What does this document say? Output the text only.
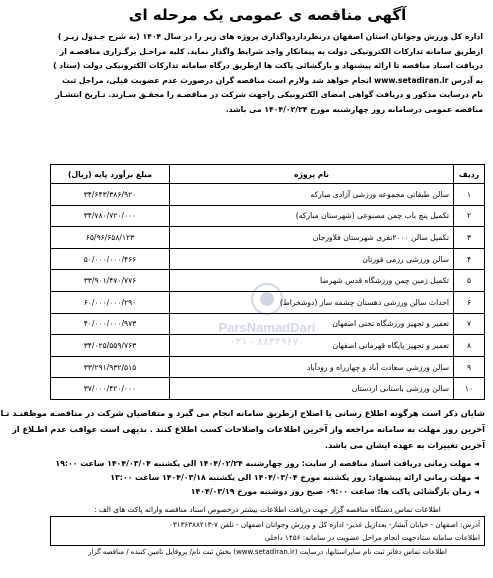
آگهی مناقصه ی عمومی یک مرحله ای
اداره کل ورزش وجوانان استان اصفهان درنظرداردواگذاری پروژه های زیر را در سال ۱۴۰۴ (به شرح جـدول زیـر )
ازطریق سامانه تدارکات الکترونیکی دولت به پیمانکار واجد شرایط واگذار نماید. کلیه مراحـل برگـزاری مناقصـه از
دریافت اسناد مناقصه تا ارائه پیشنهاد و بازگشائی پاکت ها ازطریق درگاه سامانه تدارکات الکترونیکی دولت (ستاد )
به آدرس www.setadiran.ir انجام خواهد شد ولازم است مناقصه گران درصورت عدم عضویت قبلی، مراحل ثبت
نام درسایت مذکور و دریافت گواهی امضای الکترونیکی راجهت شرکت در مناقصـه را محقـق سـازند. تـاریخ انتشـار
مناقصه عمومی درسامانه روز چهارشنبه مورخ ۱۴۰۴/۰۲/۲۴ می باشد.
ردیف	نام پروژه	مبلغ برآورد پایه (ریال)
۱	سالن طبقاتی مجموعه ورزشی آزادی مبارکه	۳۴/۶۴۳/۳۸۶/۹۲۰
۲	تکمیل پنچ باب چمن مصنوعی (شهرستان مبارکه)	۳۴/۷۸۰/۷۲۰/۰۰۰
۳	تکمیل سالن ۲۰۰۰نفری شهرستان فلاورجان	۶۵/۹۶/۶۵۸/۱۲۳
۴	سالن ورزشی رزمی قورتان	۵۰/۰۰۰/۰۰۰/۴۶۶
۵	تکمیل زمین چمن ورزشگاه قدس شهرضا	۳۳/۹۰۱/۴۷۰/۷۷۶
۶	احداث سالن ورزشی دهستان چشمه ساز (دوشخراط)	۶۰/۰۰۰/۰۰۰/۲۹۰
۷	تعمیر و تجهیز ورزشگاه تختی اصفهان	۴۰/۰۰۰/۰۰۰/۹۷۳
۸	تعمیر و تجهیز پایگاه قهرمانی اصفهان	۳۴/۰۲۵/۵۵۹/۷۶۳
۹	سالن ورزشی سعادت آباد و چهارراه و رودآباد	۳۳/۲۹۱/۹۳۲/۵۱۵
۱۰	سالن ورزشی باستانی اردستان	۳۷/۰۰۰/۴۲۰/۰۰۰
شایان ذکر است هرگونه اطلاع رسانی یا اصلاح ازطریق سامانه انجام می گیرد و متقاضیان شرکت در مناقصـه موظفنـد تـا
آخرین روز مهلت به سامانه مراجعه واز آخرین اطلاعات واصلاحات کسب اطلاع کنند . بدیهی است عواقب عدم اطـلاع از
آخرین تغییرات به عهده ایشان می باشد.
◄ مهلت زمانی دریافت اسناد مناقصه از سایت: روز چهارشنبه ۱۴۰۴/۰۲/۲۴ الی یکشنبه ۱۴۰۴/۰۳/۰۴ ساعت ۱۹:۰۰
◄ مهلت زمانی ارائه پیشنهاد: روز یکشنبه مورخ ۱۴۰۴/۰۳/۰۴ الی یکشنبه ۱۴۰۴/۰۳/۱۸ ساعت ۱۳:۰۰
◄ زمان بازگشائی پاکت ها: ساعت ۰۹:۰۰ صبح روز دوشنبه مورخ ۱۴۰۴/۰۳/۱۹
اطلاعات تماس دستگاه مناقصه گزار جهت دریافت اطلاعات بیشتر درخصوص اسناد مناقصه وارائه پاکت های الف :
آدرس: اصفهان - خیابان آبشار- بعدازپل غدیر- اداره کل و ورزش وجوانان اصفهان - تلفن ۷-۰۳۱۳۶۳۸۸۲۱۳
اطلاعات سامانه ستادجهت انجام مراحل عضویت در سامانه: ۱۴۵۶ داخلی
اطلاعات تماس دفاتر ثبت نام سایراستانها، درسایت (www.setadiran.ir) بخش ثبت نام/ پروفایل تامین کننده / مناقصه گزار
ParsNamadDari
۰۲۱ - ۸۸۳۴۹۶۷۰
